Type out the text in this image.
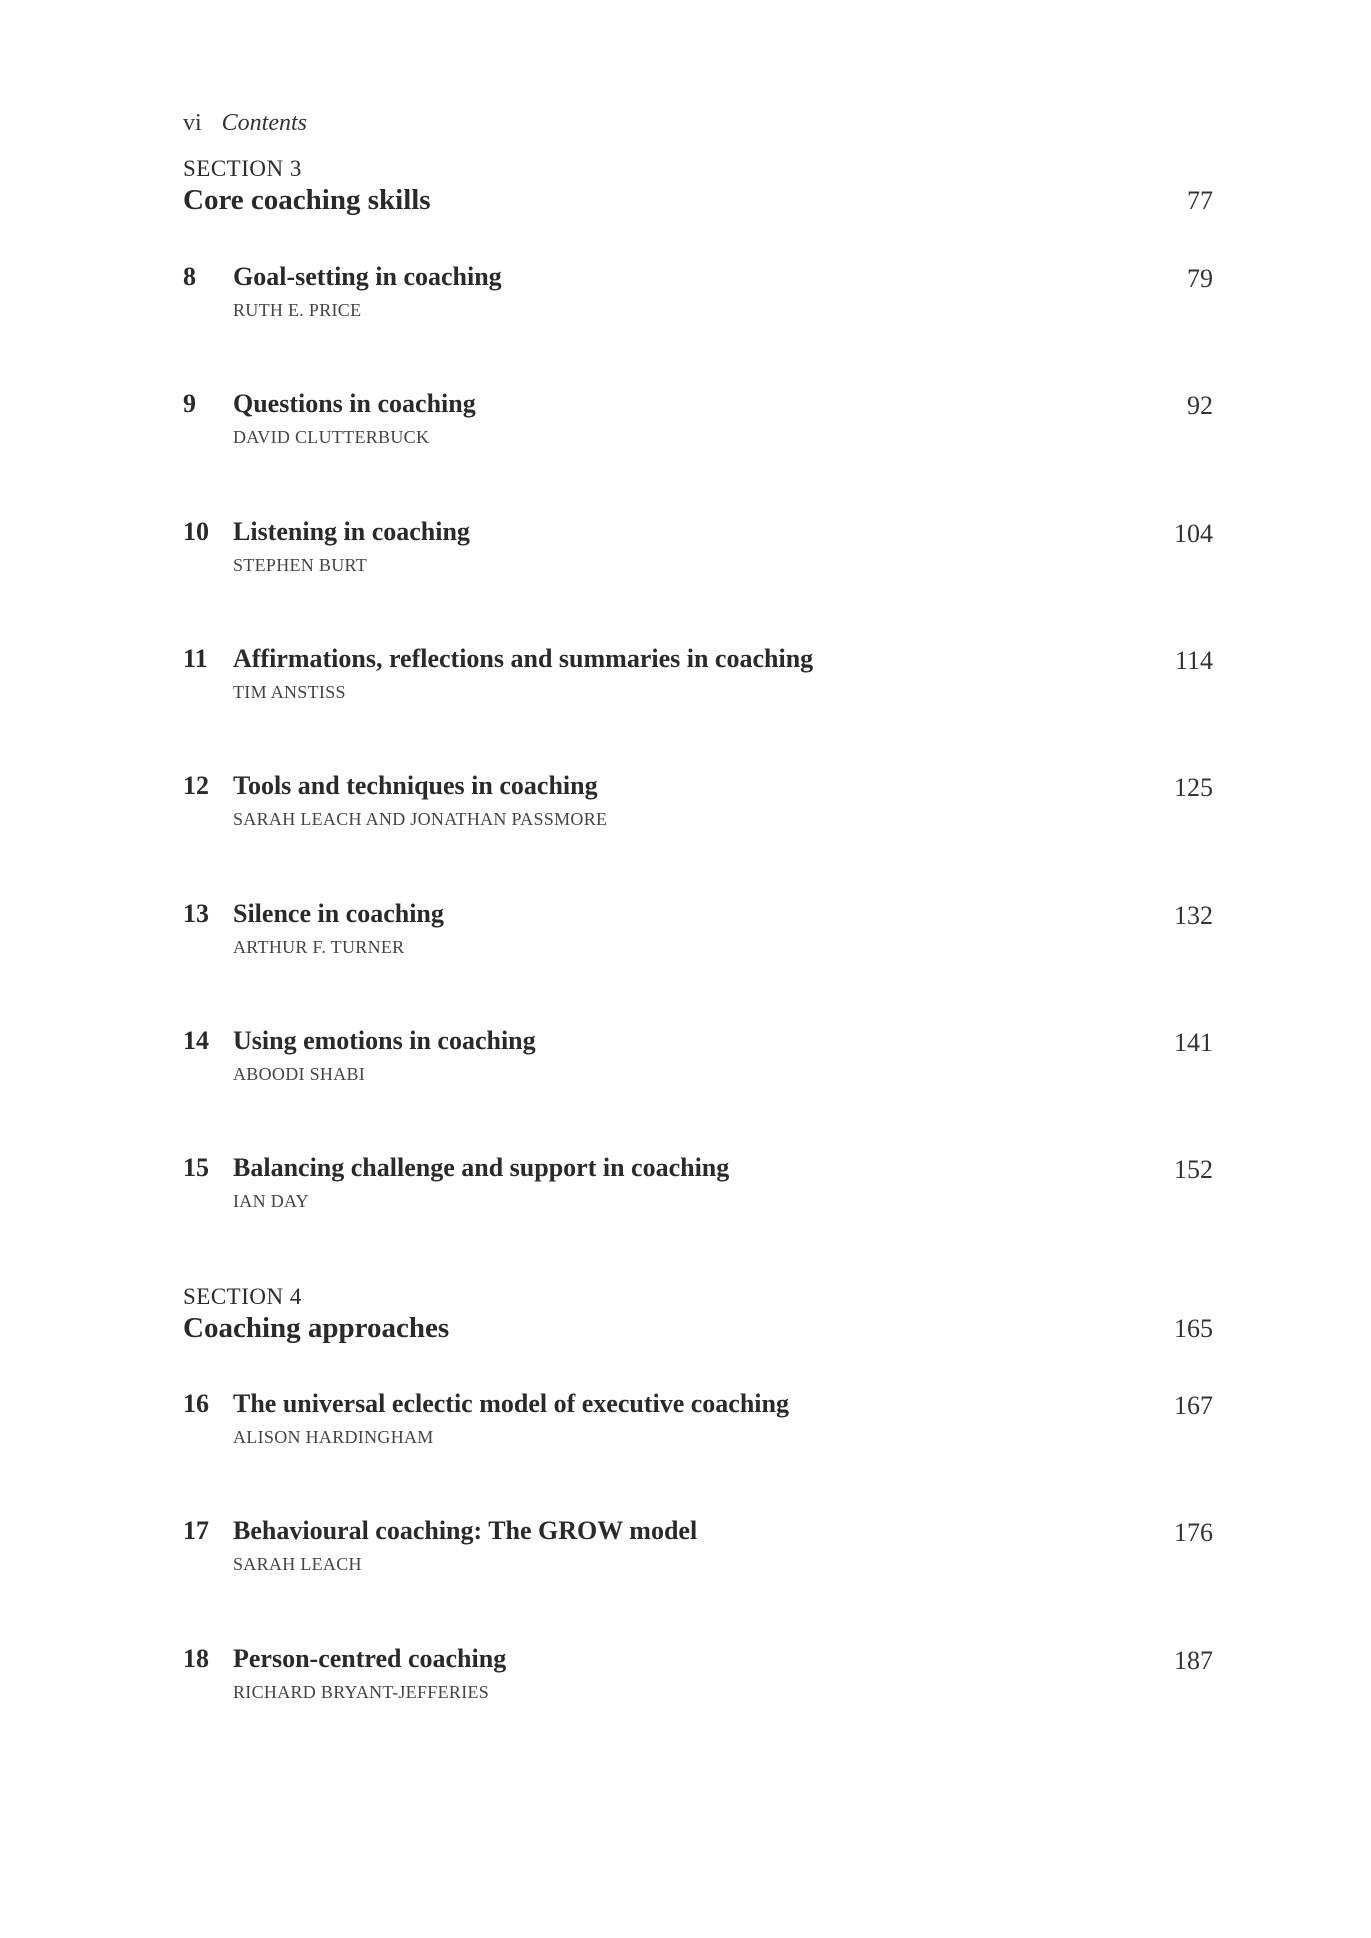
vi Contents
SECTION 3
Core coaching skills	77
8 Goal-setting in coaching
RUTH E. PRICE
79
9 Questions in coaching
DAVID CLUTTERBUCK
92
10 Listening in coaching
STEPHEN BURT
104
11 Affirmations, reflections and summaries in coaching
TIM ANSTISS
114
12 Tools and techniques in coaching
SARAH LEACH AND JONATHAN PASSMORE
125
13 Silence in coaching
ARTHUR F. TURNER
132
14 Using emotions in coaching
ABOODI SHABI
141
15 Balancing challenge and support in coaching
IAN DAY
152
SECTION 4
Coaching approaches	165
16 The universal eclectic model of executive coaching
ALISON HARDINGHAM
167
17 Behavioural coaching: The GROW model
SARAH LEACH
176
18 Person-centred coaching
RICHARD BRYANT-JEFFERIES
187
